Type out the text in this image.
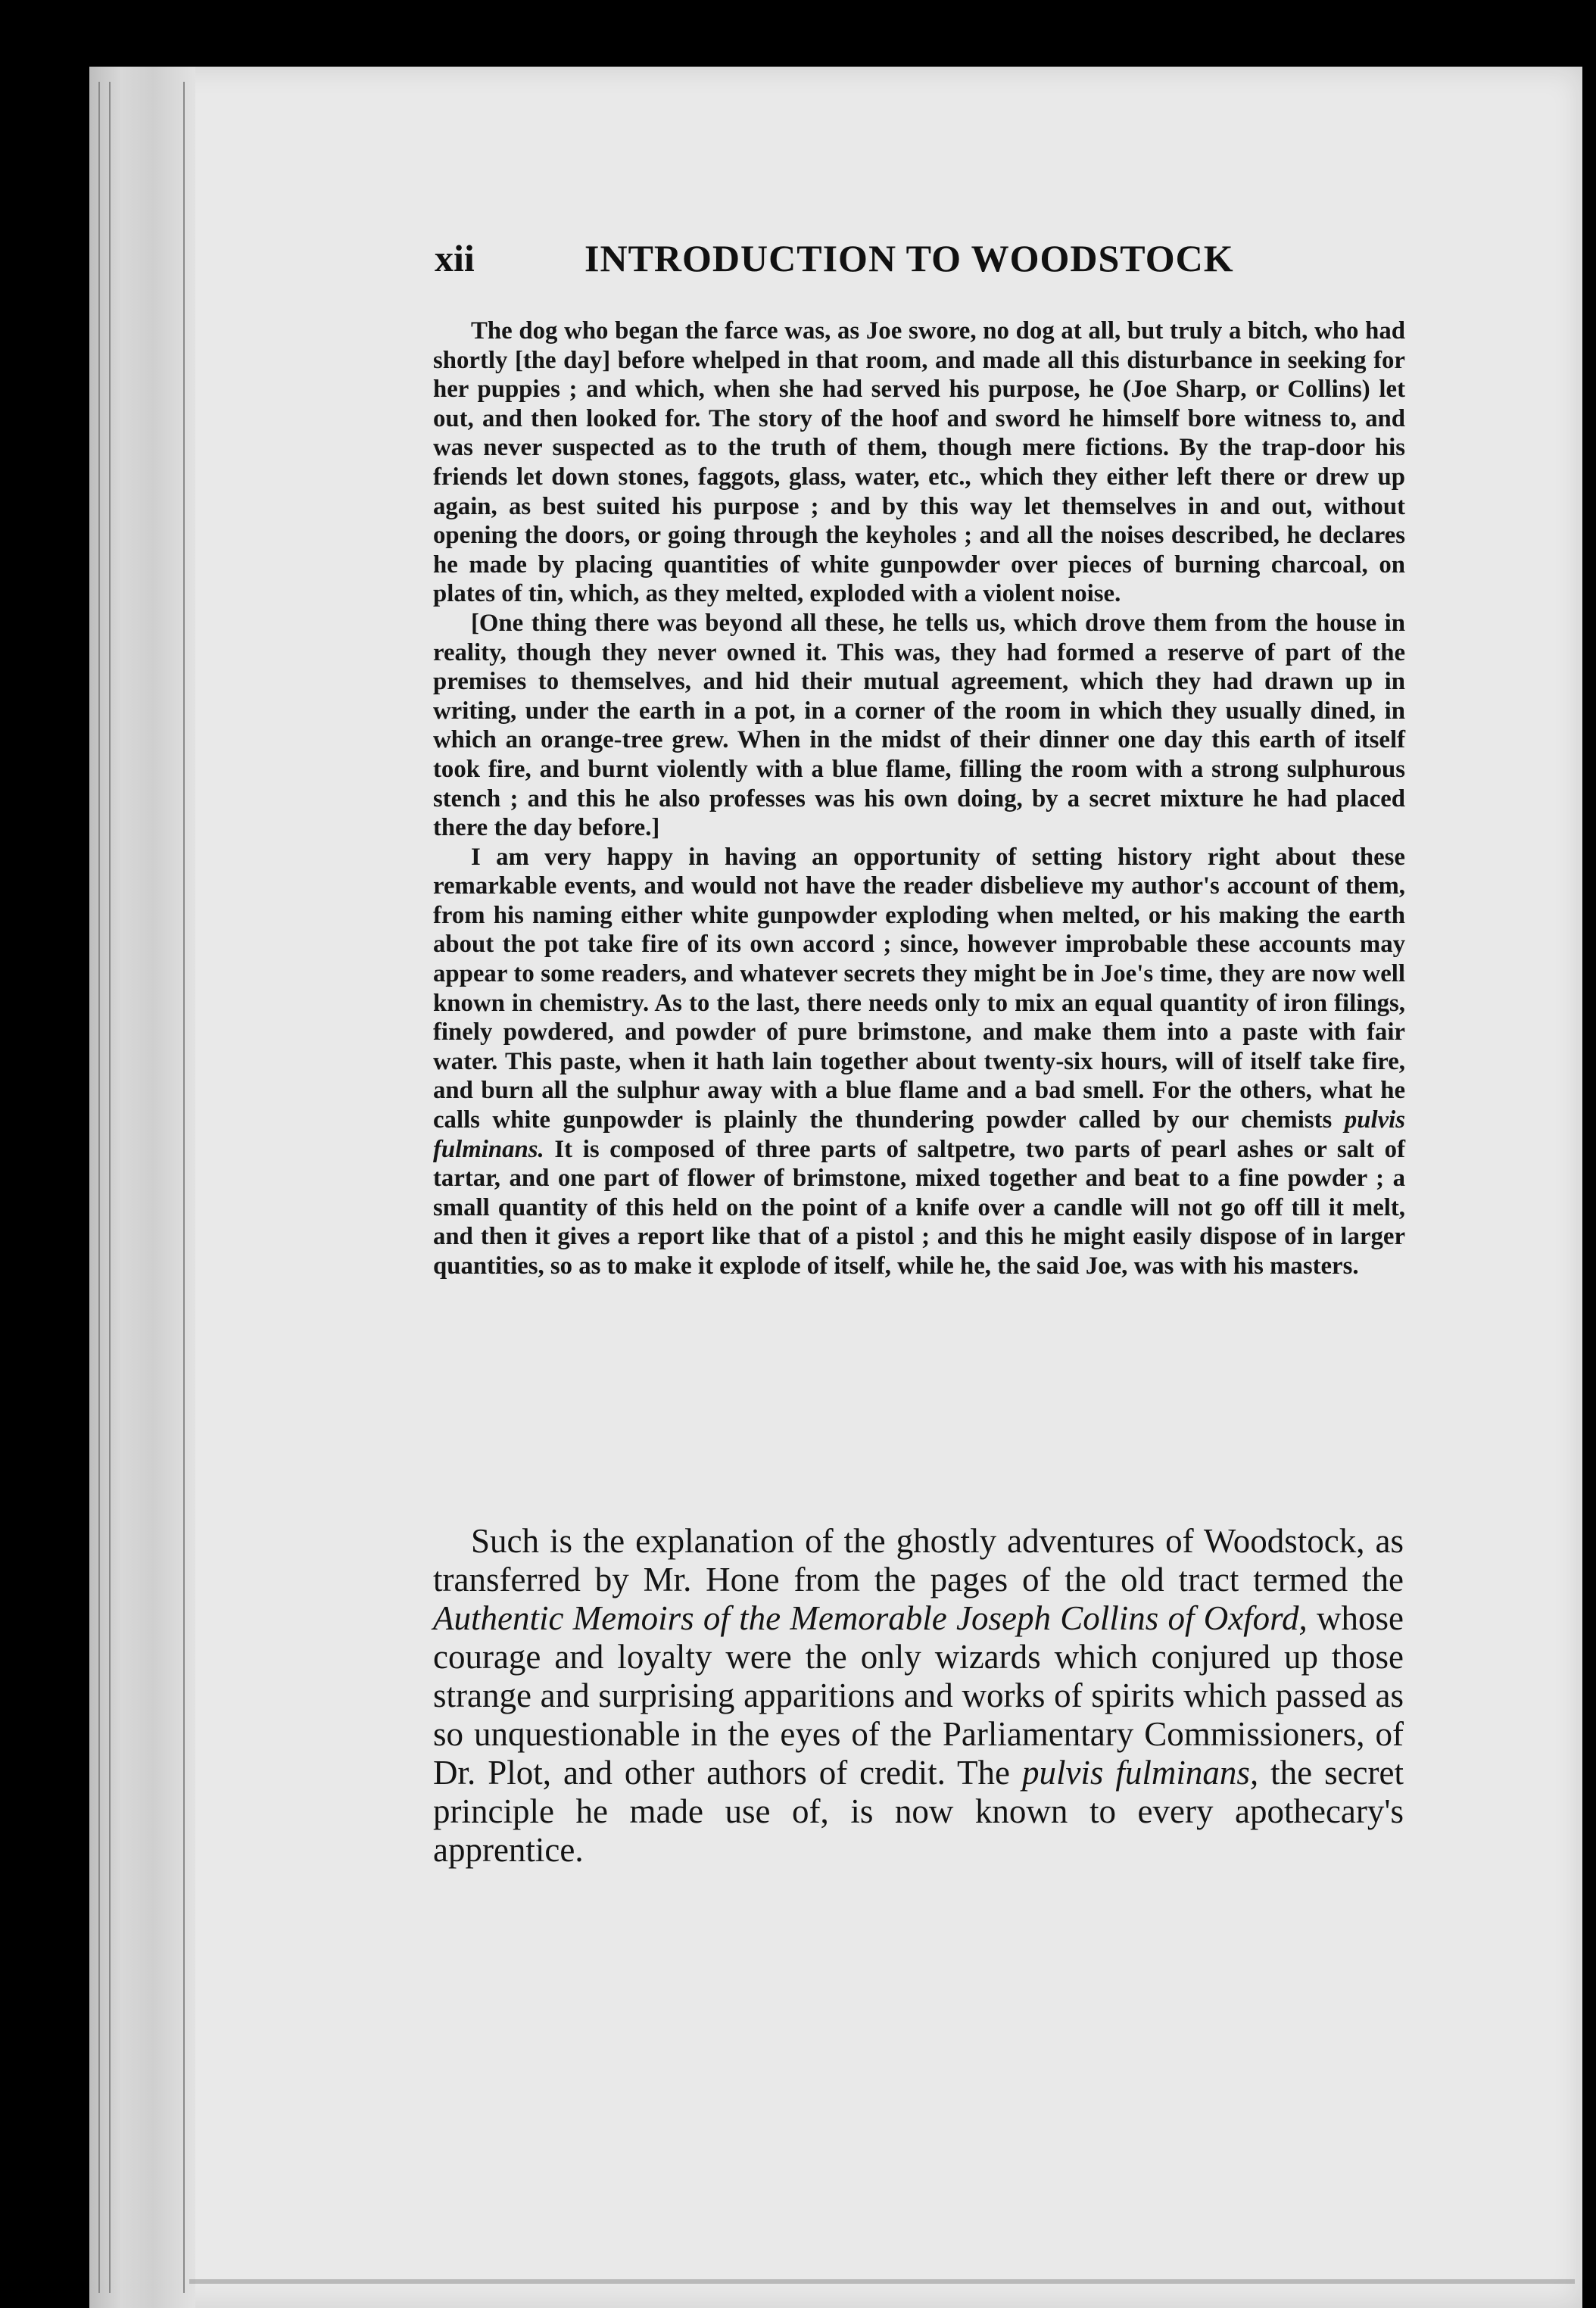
xii	INTRODUCTION TO WOODSTOCK

The dog who began the farce was, as Joe swore, no dog at all, but truly a bitch, who had shortly [the day] before whelped in that room, and made all this disturbance in seeking for her puppies ; and which, when she had served his purpose, he (Joe Sharp, or Collins) let out, and then looked for. The story of the hoof and sword he himself bore witness to, and was never suspected as to the truth of them, though mere fictions. By the trap-door his friends let down stones, faggots, glass, water, etc., which they either left there or drew up again, as best suited his purpose ; and by this way let themselves in and out, without opening the doors, or going through the keyholes ; and all the noises described, he declares he made by placing quantities of white gunpowder over pieces of burning charcoal, on plates of tin, which, as they melted, exploded with a violent noise.

[One thing there was beyond all these, he tells us, which drove them from the house in reality, though they never owned it. This was, they had formed a reserve of part of the premises to themselves, and hid their mutual agreement, which they had drawn up in writing, under the earth in a pot, in a corner of the room in which they usually dined, in which an orange-tree grew. When in the midst of their dinner one day this earth of itself took fire, and burnt violently with a blue flame, filling the room with a strong sulphurous stench ; and this he also professes was his own doing, by a secret mixture he had placed there the day before.]

I am very happy in having an opportunity of setting history right about these remarkable events, and would not have the reader disbelieve my author's account of them, from his naming either white gunpowder exploding when melted, or his making the earth about the pot take fire of its own accord ; since, however improbable these accounts may appear to some readers, and whatever secrets they might be in Joe's time, they are now well known in chemistry. As to the last, there needs only to mix an equal quantity of iron filings, finely powdered, and powder of pure brimstone, and make them into a paste with fair water. This paste, when it hath lain together about twenty-six hours, will of itself take fire, and burn all the sulphur away with a blue flame and a bad smell. For the others, what he calls white gunpowder is plainly the thundering powder called by our chemists pulvis fulminans. It is composed of three parts of saltpetre, two parts of pearl ashes or salt of tartar, and one part of flower of brimstone, mixed together and beat to a fine powder ; a small quantity of this held on the point of a knife over a candle will not go off till it melt, and then it gives a report like that of a pistol ; and this he might easily dispose of in larger quantities, so as to make it explode of itself, while he, the said Joe, was with his masters.

Such is the explanation of the ghostly adventures of Woodstock, as transferred by Mr. Hone from the pages of the old tract termed the Authentic Memoirs of the Memorable Joseph Collins of Oxford, whose courage and loyalty were the only wizards which conjured up those strange and surprising apparitions and works of spirits which passed as so unquestionable in the eyes of the Parliamentary Commissioners, of Dr. Plot, and other authors of credit. The pulvis fulminans, the secret principle he made use of, is now known to every apothecary's apprentice.
